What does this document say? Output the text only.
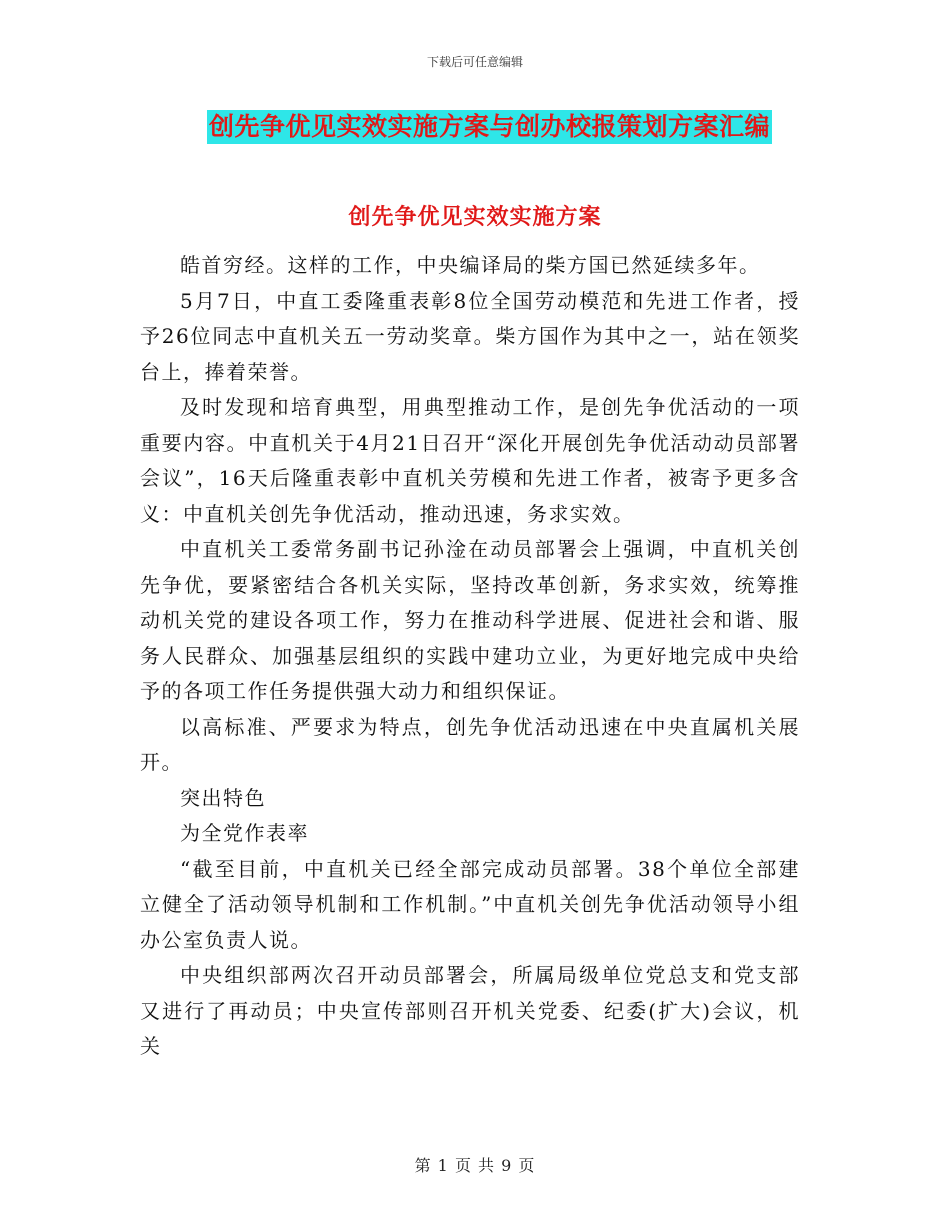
下载后可任意编辑
创先争优见实效实施方案与创办校报策划方案汇编
创先争优见实效实施方案

皓首穷经。这样的工作，中央编译局的柴方国已然延续多年。

5月7日，中直工委隆重表彰8位全国劳动模范和先进工作者，授予26位同志中直机关五一劳动奖章。柴方国作为其中之一，站在领奖台上，捧着荣誉。

及时发现和培育典型，用典型推动工作，是创先争优活动的一项重要内容。中直机关于4月21日召开“深化开展创先争优活动动员部署会议”，16天后隆重表彰中直机关劳模和先进工作者，被寄予更多含义：中直机关创先争优活动，推动迅速，务求实效。

中直机关工委常务副书记孙淦在动员部署会上强调，中直机关创先争优，要紧密结合各机关实际，坚持改革创新，务求实效，统筹推动机关党的建设各项工作，努力在推动科学进展、促进社会和谐、服务人民群众、加强基层组织的实践中建功立业，为更好地完成中央给予的各项工作任务提供强大动力和组织保证。

以高标准、严要求为特点，创先争优活动迅速在中央直属机关展开。

突出特色

为全党作表率

“截至目前，中直机关已经全部完成动员部署。38个单位全部建立健全了活动领导机制和工作机制。”中直机关创先争优活动领导小组办公室负责人说。

中央组织部两次召开动员部署会，所属局级单位党总支和党支部又进行了再动员；中央宣传部则召开机关党委、纪委(扩大)会议，机关

第 1 页 共 9 页
